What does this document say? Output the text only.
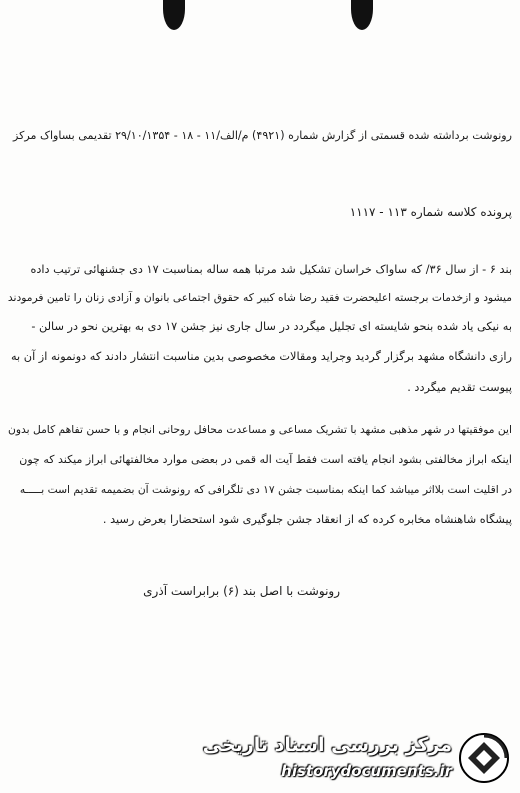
رونوشت برداشته شده قسمتی از گزارش شماره (۴۹۲۱) م/الف/۱۱ - ۱۸ - ۲۹/۱۰/۱۳۵۴ تقدیمی بساواک مرکز
پرونده کلاسه شماره ۱۱۳ - ۱۱۱۷
بند ۶ - از سال ۳۶/ که ساواک خراسان تشکیل شد مرتبا همه ساله بمناسبت ۱۷ دی جشنهائی ترتیب داده
میشود و ازخدمات برجسته اعلیحضرت فقید رضا شاه کبیر که حقوق اجتماعی بانوان و آزادی زنان را تامین فرمودند
به نیکی یاد شده بنحو شایسته ای تجلیل میگردد در سال جاری نیز جشن ۱۷ دی به بهترین نحو در سالن -
رازی دانشگاه مشهد برگزار گردید وجراید ومقالات مخصوصی بدین مناسبت انتشار دادند که دونمونه از آن به
پیوست تقدیم میگردد .
این موفقیتها در شهر مذهبی مشهد با تشریک مساعی و مساعدت محافل روحانی انجام و با حسن تفاهم کامل بدون
اینکه ابراز مخالفتی بشود انجام یافته است فقط آیت اله قمی در بعضی موارد مخالفتهائی ابراز میکند که چون
در اقلیت است بلااثر میباشد کما اینکه بمناسبت جشن ۱۷ دی تلگرافی که رونوشت آن بضمیمه تقدیم است بـــــه
پیشگاه شاهنشاه مخابره کرده که از انعقاد جشن جلوگیری شود استحضارا بعرض رسید .
رونوشت با اصل بند (۶) برابراست آذری
مرکز بررسی اسناد تاریخی
historydocuments.ir
